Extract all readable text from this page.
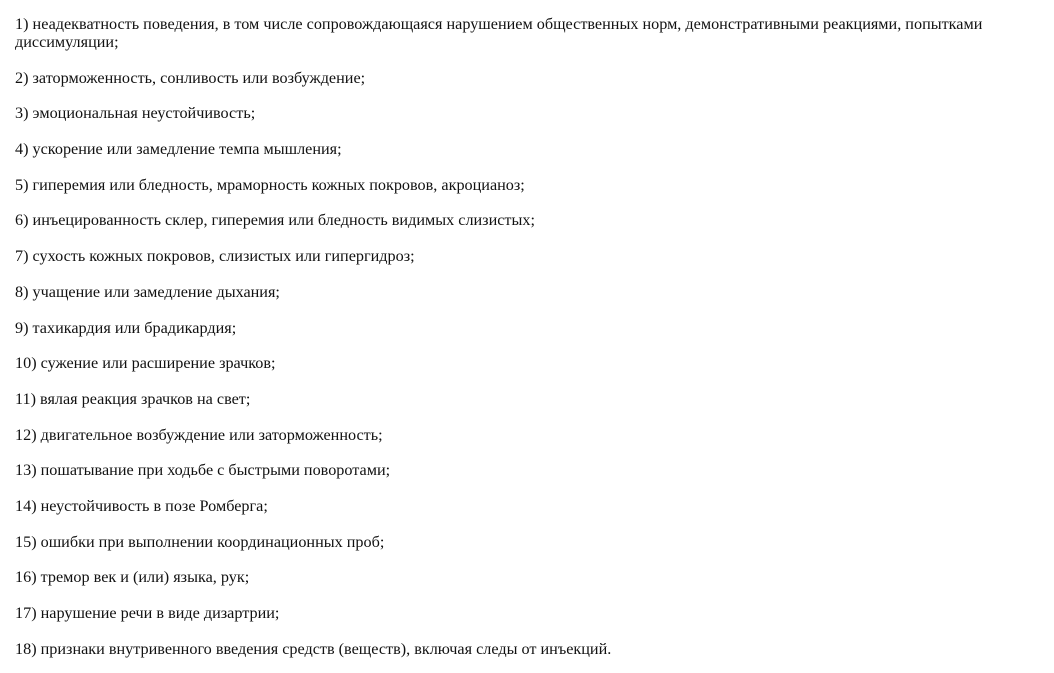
1) неадекватность поведения, в том числе сопровождающаяся нарушением общественных норм, демонстративными реакциями, попытками диссимуляции;

2) заторможенность, сонливость или возбуждение;

3) эмоциональная неустойчивость;

4) ускорение или замедление темпа мышления;

5) гиперемия или бледность, мраморность кожных покровов, акроцианоз;

6) инъецированность склер, гиперемия или бледность видимых слизистых;

7) сухость кожных покровов, слизистых или гипергидроз;

8) учащение или замедление дыхания;

9) тахикардия или брадикардия;

10) сужение или расширение зрачков;

11) вялая реакция зрачков на свет;

12) двигательное возбуждение или заторможенность;

13) пошатывание при ходьбе с быстрыми поворотами;

14) неустойчивость в позе Ромберга;

15) ошибки при выполнении координационных проб;

16) тремор век и (или) языка, рук;

17) нарушение речи в виде дизартрии;

18) признаки внутривенного введения средств (веществ), включая следы от инъекций.
